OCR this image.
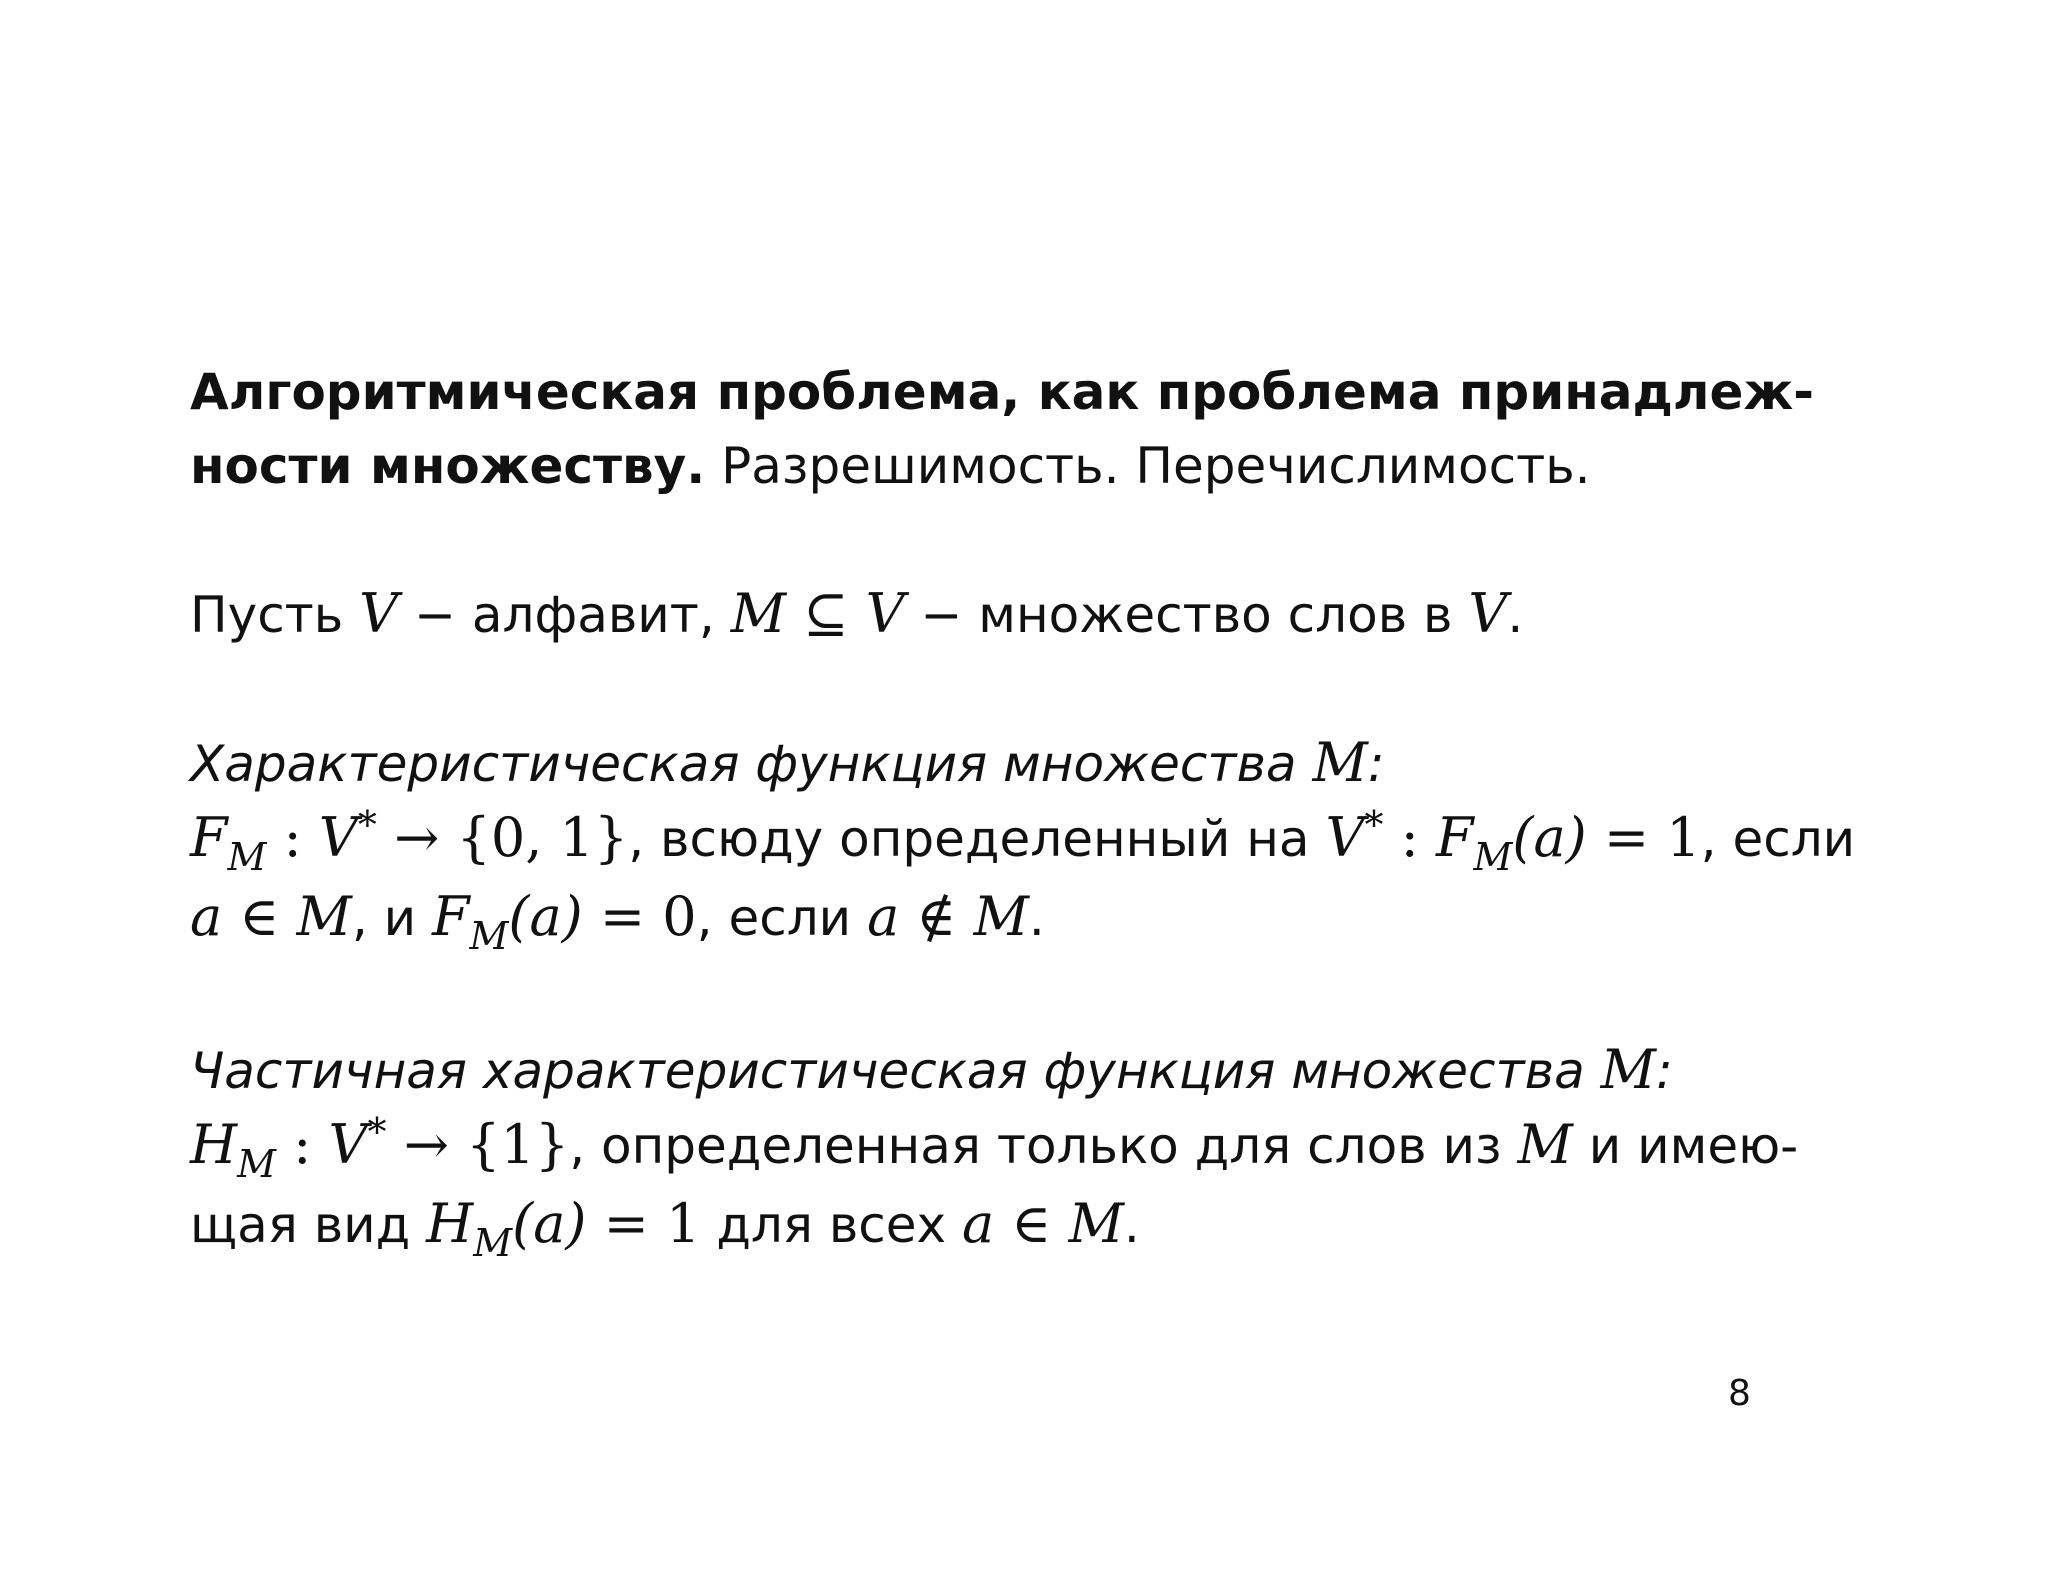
Алгоритмическая проблема, как проблема принадлеж-

ности множеству. Разрешимость. Перечислимость.

Пусть V − алфавит, M ⊆ V − множество слов в V.

Характеристическая функция множества M:

$F_M$ : V* → {0, 1}, всюду определенный на V* : $F_M(a) = 1$, если

a ∈ M, и $F_M(a) = 0$, если a ∉ M.

Частичная характеристическая функция множества M:

$H_M$ : V* → {1}, определенная только для слов из M и имею-

щая вид $H_M(a) = 1$ для всех a ∈ M.

8
